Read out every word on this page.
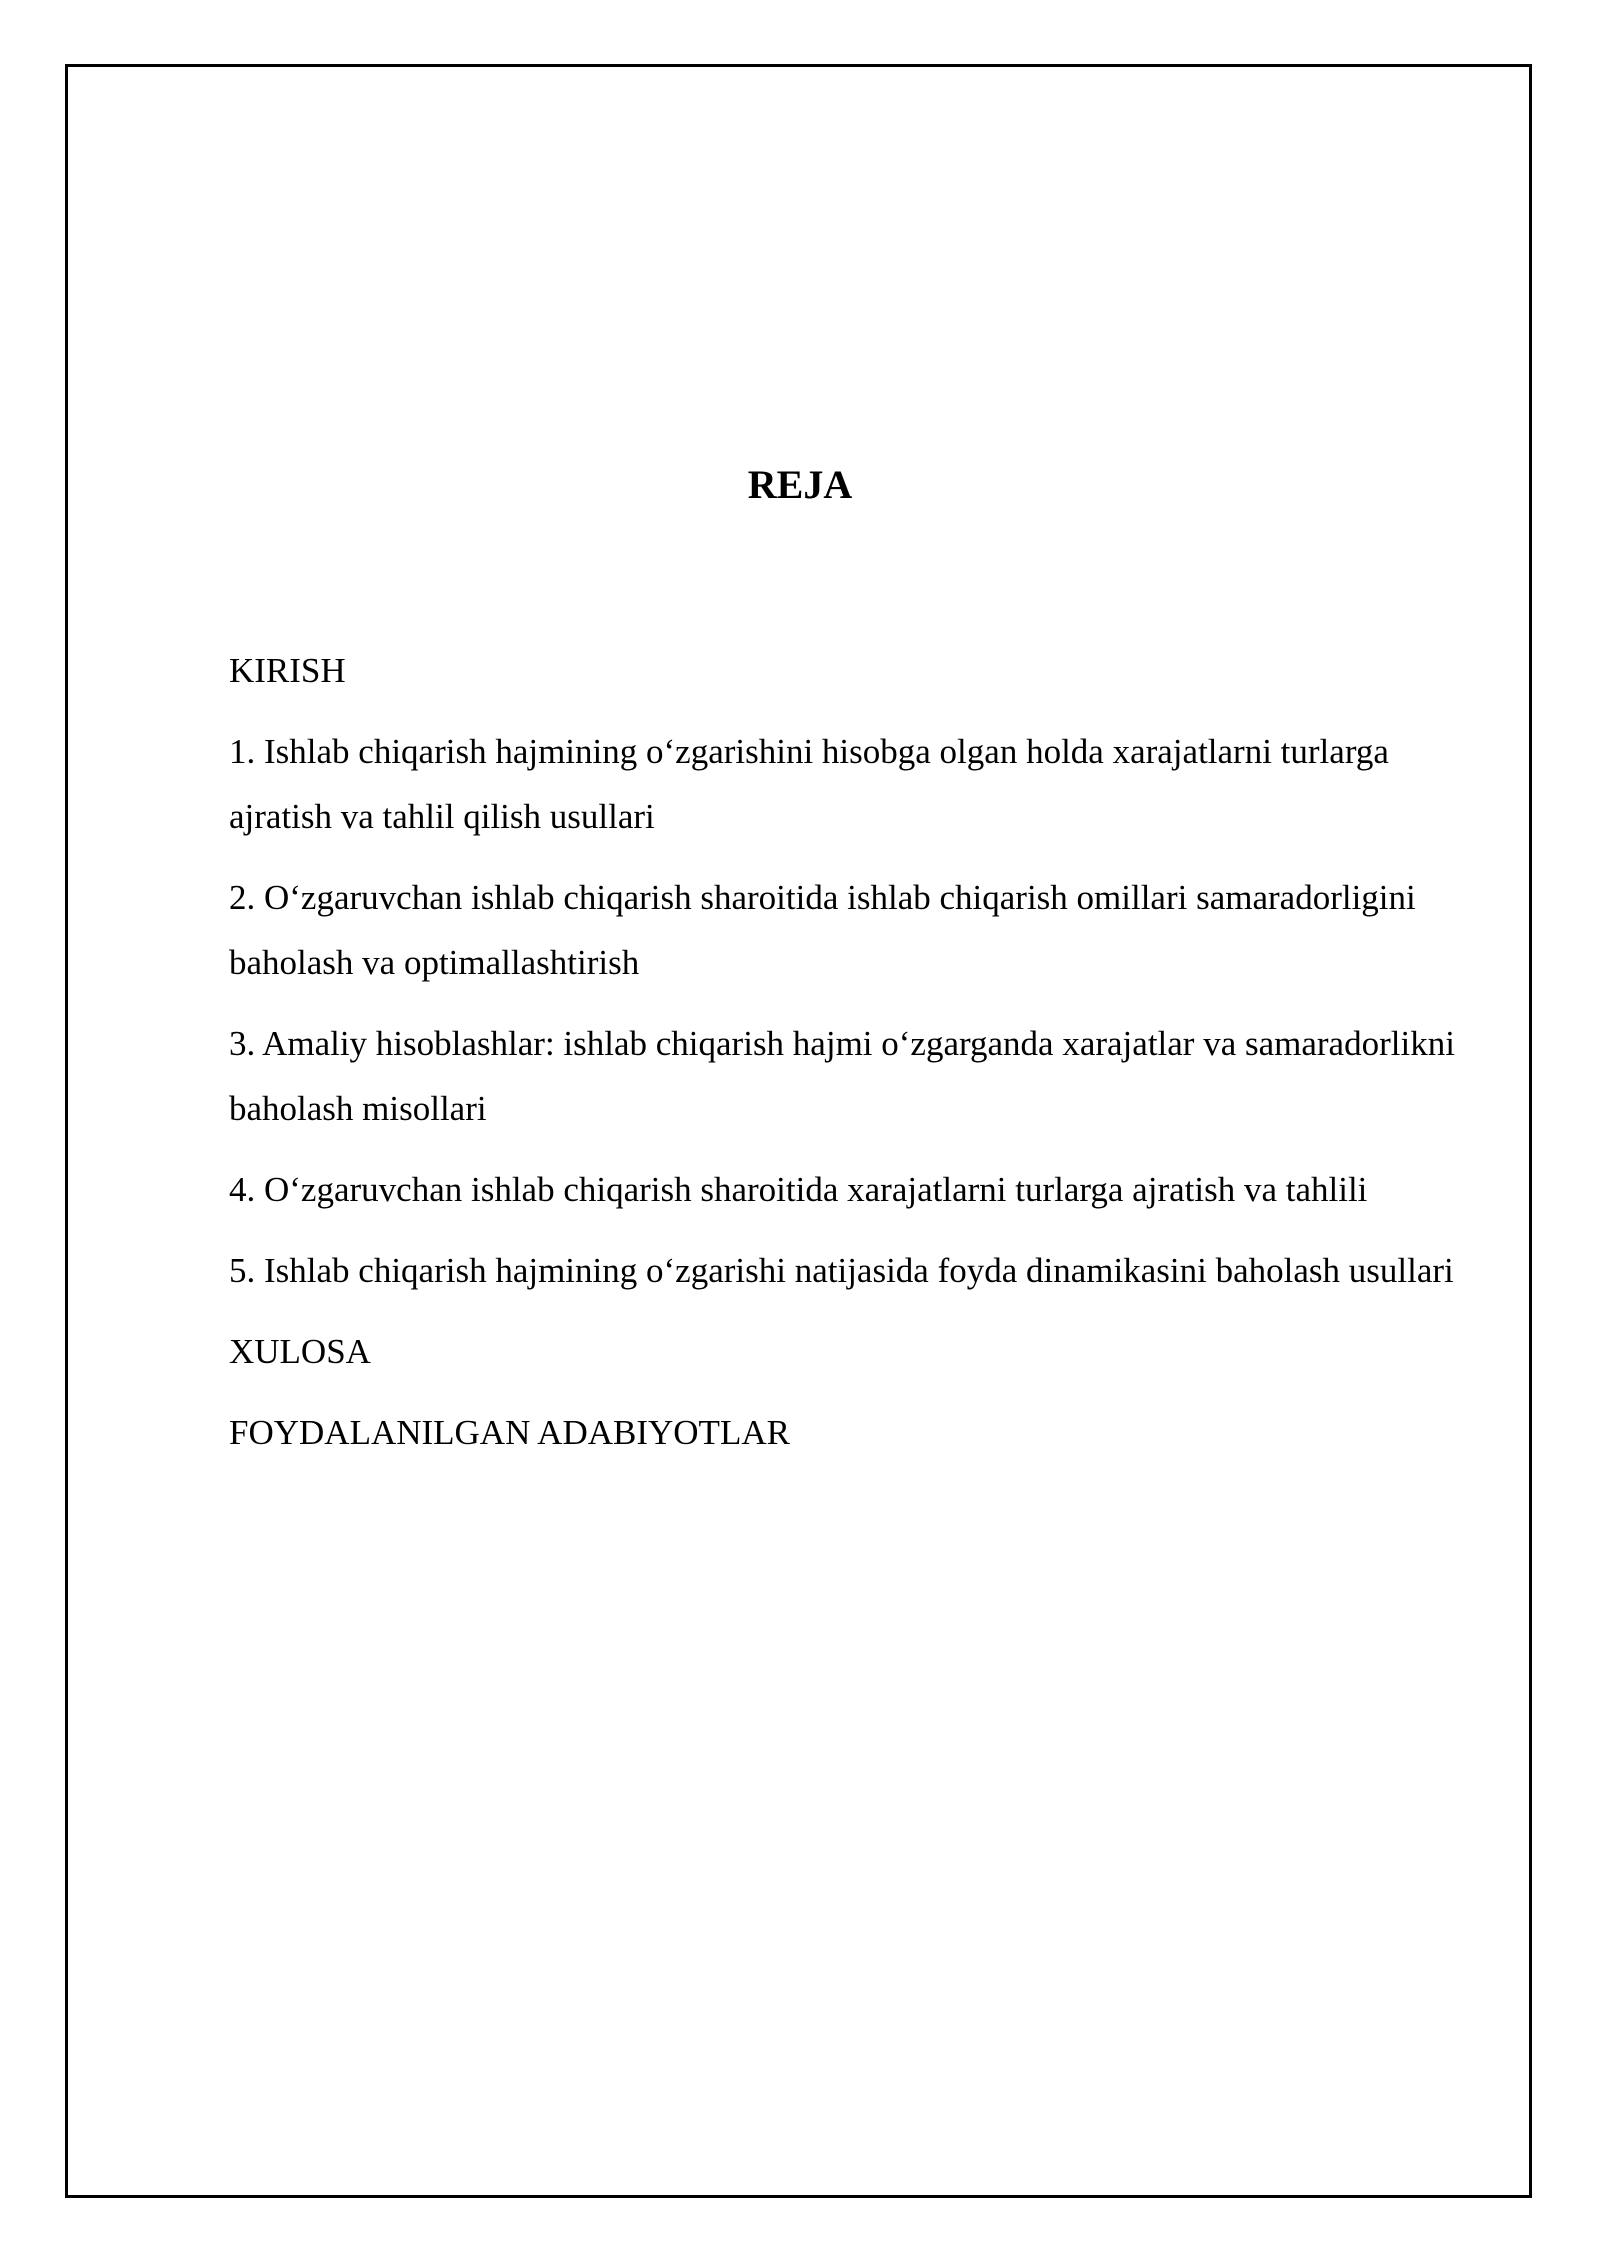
REJA
KIRISH
1. Ishlab chiqarish hajmining o‘zgarishini hisobga olgan holda xarajatlarni turlarga ajratish va tahlil qilish usullari
2. O‘zgaruvchan ishlab chiqarish sharoitida ishlab chiqarish omillari samaradorligini baholash va optimallashtirish
3. Amaliy hisoblashlar: ishlab chiqarish hajmi o‘zgarganda xarajatlar va samaradorlikni baholash misollari
4. O‘zgaruvchan ishlab chiqarish sharoitida xarajatlarni turlarga ajratish va tahlili
5. Ishlab chiqarish hajmining o‘zgarishi natijasida foyda dinamikasini baholash usullari
XULOSA
FOYDALANILGAN ADABIYOTLAR
